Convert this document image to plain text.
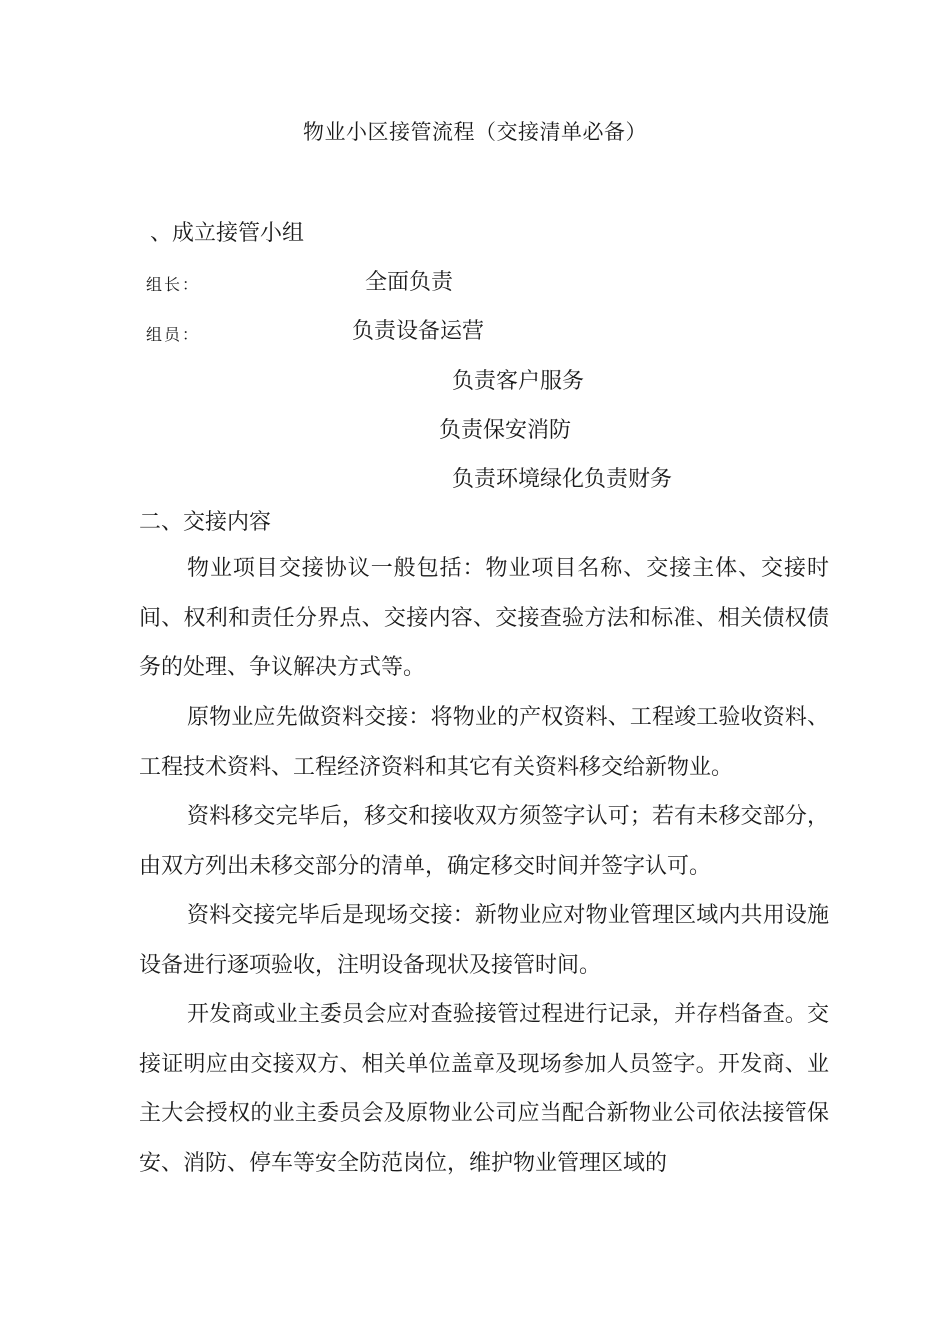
物业小区接管流程（交接清单必备）
、成立接管小组
组长：	全面负责
组员：	负责设备运营
负责客户服务
负责保安消防
负责环境绿化负责财务
二、交接内容

物业项目交接协议一般包括：物业项目名称、交接主体、交接时间、权利和责任分界点、交接内容、交接查验方法和标准、相关债权债务的处理、争议解决方式等。

原物业应先做资料交接：将物业的产权资料、工程竣工验收资料、工程技术资料、工程经济资料和其它有关资料移交给新物业。

资料移交完毕后，移交和接收双方须签字认可；若有未移交部分，由双方列出未移交部分的清单，确定移交时间并签字认可。

资料交接完毕后是现场交接：新物业应对物业管理区域内共用设施设备进行逐项验收，注明设备现状及接管时间。

开发商或业主委员会应对查验接管过程进行记录，并存档备查。交接证明应由交接双方、相关单位盖章及现场参加人员签字。开发商、业主大会授权的业主委员会及原物业公司应当配合新物业公司依法接管保安、消防、停车等安全防范岗位，维护物业管理区域的
